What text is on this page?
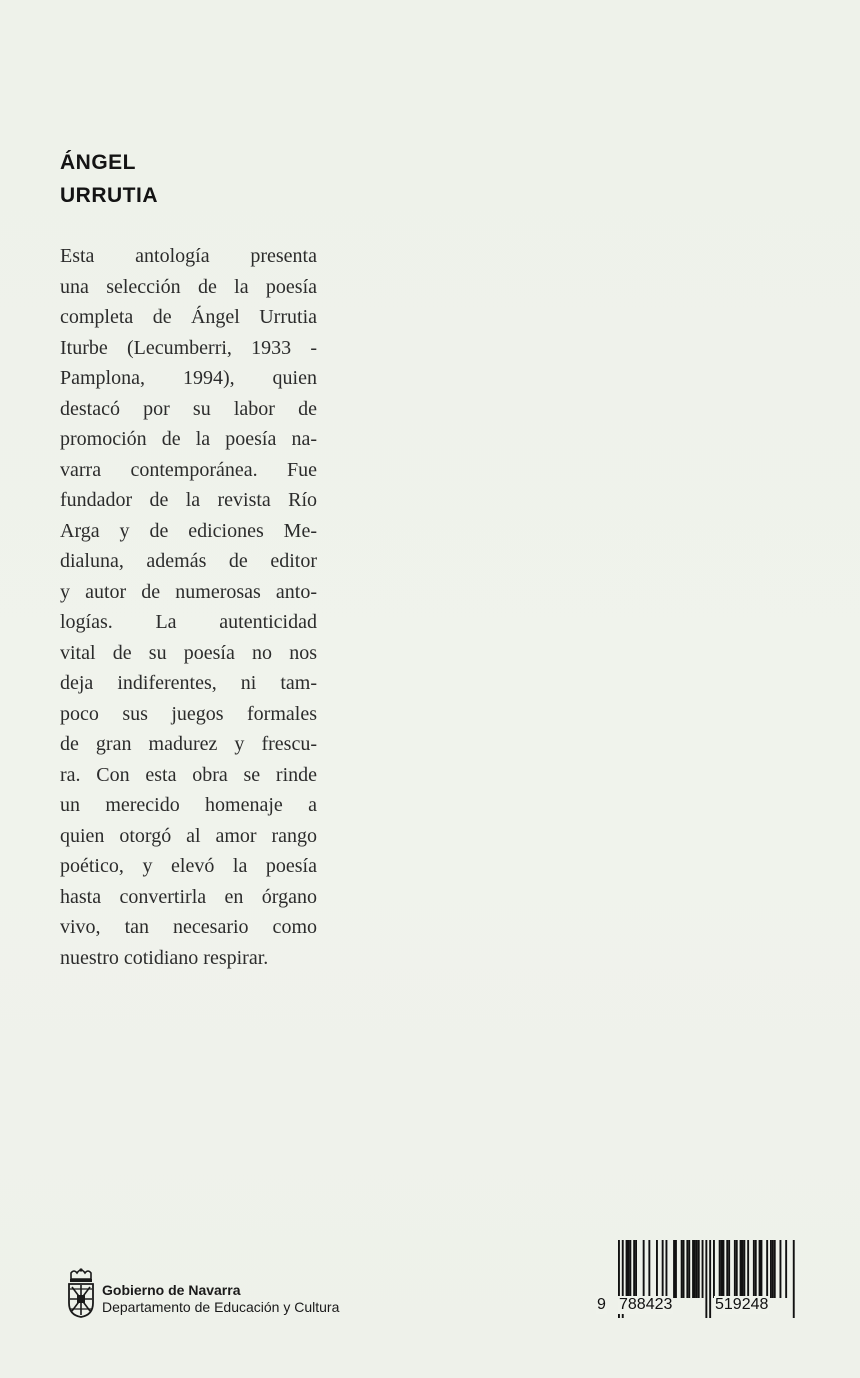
ÁNGEL
URRUTIA
Esta antología presenta
una selección de la poesía
completa de Ángel Urrutia
Iturbe (Lecumberri, 1933 -
Pamplona, 1994), quien
destacó por su labor de
promoción de la poesía na-
varra contemporánea. Fue
fundador de la revista Río
Arga y de ediciones Me-
dialuna, además de editor
y autor de numerosas anto-
logías. La autenticidad
vital de su poesía no nos
deja indiferentes, ni tam-
poco sus juegos formales
de gran madurez y frescu-
ra. Con esta obra se rinde
un merecido homenaje a
quien otorgó al amor rango
poético, y elevó la poesía
hasta convertirla en órgano
vivo, tan necesario como
nuestro cotidiano respirar.
Gobierno de Navarra
Departamento de Educación y Cultura	9 788423	519248
